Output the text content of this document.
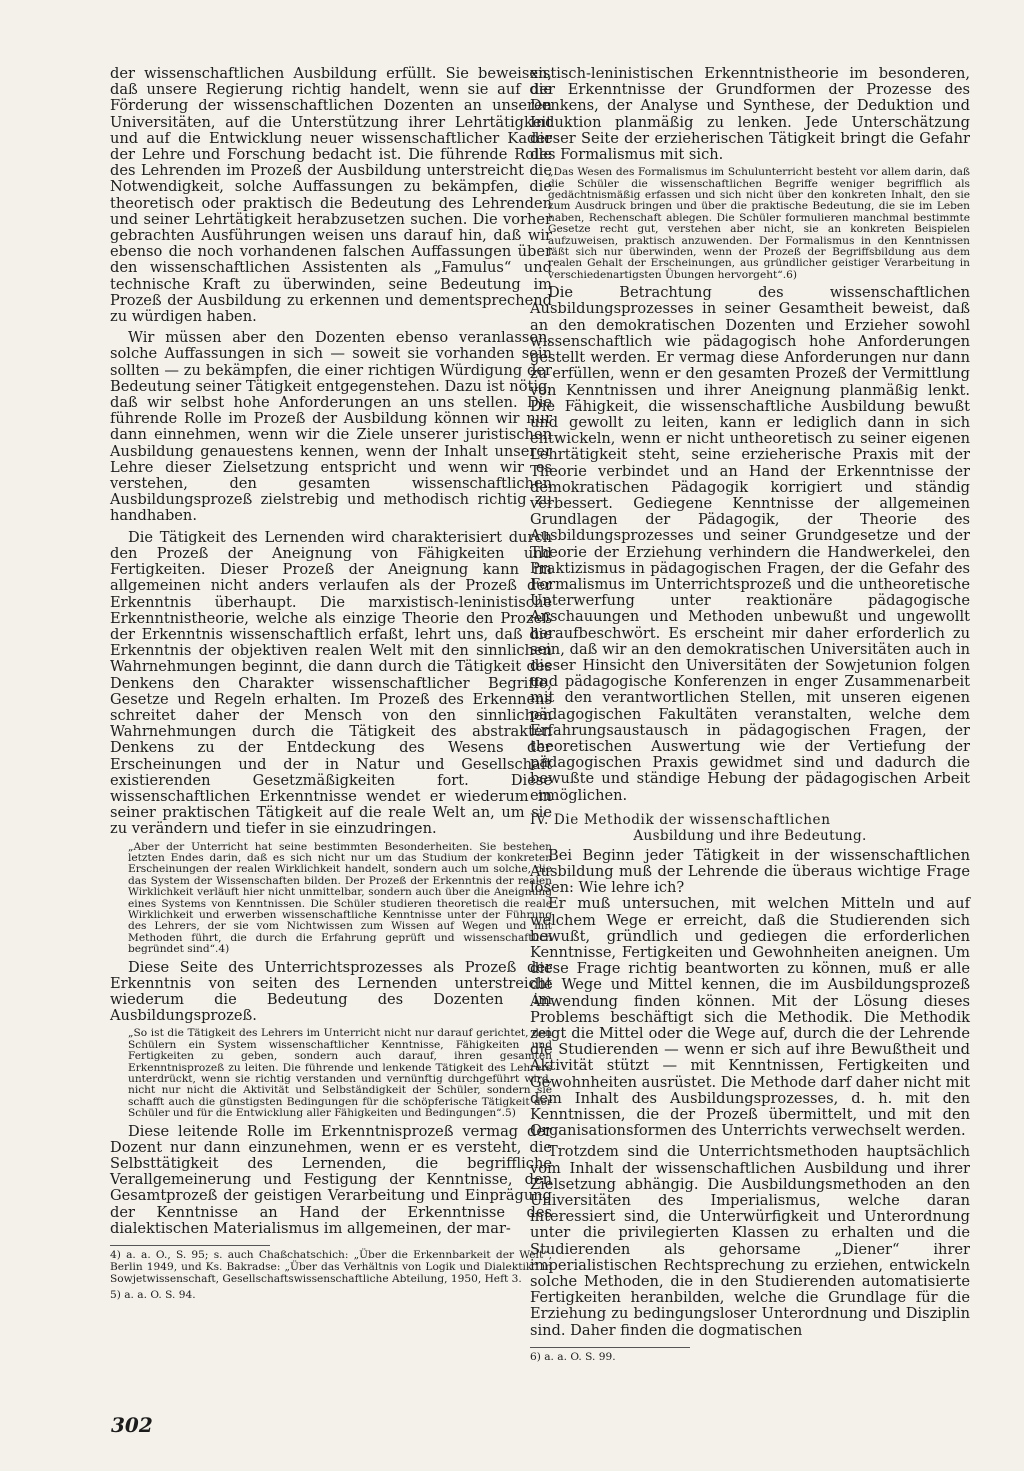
der wissenschaftlichen Ausbildung erfüllt. Sie beweisen, daß unsere Regierung richtig handelt, wenn sie auf die Förderung der wissenschaftlichen Dozenten an unseren Universitäten, auf die Unterstützung ihrer Lehrtätigkeit und auf die Entwicklung neuer wissenschaftlicher Kader der Lehre und Forschung bedacht ist. Die führende Rolle des Lehrenden im Prozeß der Ausbildung unterstreicht die Notwendigkeit, solche Auffassungen zu bekämpfen, die theoretisch oder praktisch die Bedeutung des Lehrenden und seiner Lehrtätigkeit herabzusetzen suchen. Die vorher gebrachten Ausführungen weisen uns darauf hin, daß wir ebenso die noch vorhandenen falschen Auffassungen über den wissenschaftlichen Assistenten als „Famulus“ und technische Kraft zu überwinden, seine Bedeutung im Prozeß der Ausbildung zu erkennen und dementsprechend zu würdigen haben.

Wir müssen aber den Dozenten ebenso veranlassen, solche Auffassungen in sich — soweit sie vorhanden sein sollten — zu bekämpfen, die einer richtigen Würdigung der Bedeutung seiner Tätigkeit entgegenstehen. Dazu ist nötig, daß wir selbst hohe Anforderungen an uns stellen. Die führende Rolle im Prozeß der Ausbildung können wir nur dann einnehmen, wenn wir die Ziele unserer juristischen Ausbildung genauestens kennen, wenn der Inhalt unserer Lehre dieser Zielsetzung entspricht und wenn wir es verstehen, den gesamten wissenschaftlichen Ausbildungsprozeß zielstrebig und methodisch richtig zu handhaben.

Die Tätigkeit des Lernenden wird charakterisiert durch den Prozeß der Aneignung von Fähigkeiten und Fertigkeiten. Dieser Prozeß der Aneignung kann im allgemeinen nicht anders verlaufen als der Prozeß der Erkenntnis überhaupt. Die marxistisch-leninistische Erkenntnistheorie, welche als einzige Theorie den Prozeß der Erkenntnis wissenschaftlich erfaßt, lehrt uns, daß die Erkenntnis der objektiven realen Welt mit den sinnlichen Wahrnehmungen beginnt, die dann durch die Tätigkeit des Denkens den Charakter wissenschaftlicher Begriffe, Gesetze und Regeln erhalten. Im Prozeß des Erkennens schreitet daher der Mensch von den sinnlichen Wahrnehmungen durch die Tätigkeit des abstrakten Denkens zu der Entdeckung des Wesens der Erscheinungen und der in Natur und Gesellschaft existierenden Gesetzmäßigkeiten fort. Diese wissenschaftlichen Erkenntnisse wendet er wiederum in seiner praktischen Tätigkeit auf die reale Welt an, um sie zu verändern und tiefer in sie einzudringen.

„Aber der Unterricht hat seine bestimmten Besonderheiten. Sie bestehen letzten Endes darin, daß es sich nicht nur um das Studium der konkreten Erscheinungen der realen Wirklichkeit handelt, sondern auch um solche, die das System der Wissenschaften bilden. Der Prozeß der Erkenntnis der realen Wirklichkeit verläuft hier nicht unmittelbar, sondern auch über die Aneignung eines Systems von Kenntnissen. Die Schüler studieren theoretisch die reale Wirklichkeit und erwerben wissenschaftliche Kenntnisse unter der Führung des Lehrers, der sie vom Nichtwissen zum Wissen auf Wegen und mit Methoden führt, die durch die Erfahrung geprüft und wissenschaftlich begründet sind“.4)

Diese Seite des Unterrichtsprozesses als Prozeß der Erkenntnis von seiten des Lernenden unterstreicht wiederum die Bedeutung des Dozenten im Ausbildungsprozeß.

„So ist die Tätigkeit des Lehrers im Unterricht nicht nur darauf gerichtet, den Schülern ein System wissenschaftlicher Kenntnisse, Fähigkeiten und Fertigkeiten zu geben, sondern auch darauf, ihren gesamten Erkenntnisprozeß zu leiten. Die führende und lenkende Tätigkeit des Lehrers unterdrückt, wenn sie richtig verstanden und vernünftig durchgeführt wird, nicht nur nicht die Aktivität und Selbständigkeit der Schüler, sondern sie schafft auch die günstigsten Bedingungen für die schöpferische Tätigkeit der Schüler und für die Entwicklung aller Fähigkeiten und Bedingungen“.5)

Diese leitende Rolle im Erkenntnisprozeß vermag der Dozent nur dann einzunehmen, wenn er es versteht, die Selbsttätigkeit des Lernenden, die begriffliche Verallgemeinerung und Festigung der Kenntnisse, den Gesamtprozeß der geistigen Verarbeitung und Einprägung der Kenntnisse an Hand der Erkenntnisse des dialektischen Materialismus im allgemeinen, der mar-

4) a. a. O., S. 95; s. auch Chaßchatschich: „Über die Erkennbarkeit der Welt“, Berlin 1949, und Ks. Bakradse: „Über das Verhältnis von Logik und Dialektik“ in Sowjetwissenschaft, Gesellschaftswissenschaftliche Abteilung, 1950, Heft 3.

5) a. a. O. S. 94.

xistisch-leninistischen Erkenntnistheorie im besonderen, der Erkenntnisse der Grundformen der Prozesse des Denkens, der Analyse und Synthese, der Deduktion und Induktion planmäßig zu lenken. Jede Unterschätzung dieser Seite der erzieherischen Tätigkeit bringt die Gefahr des Formalismus mit sich.

„Das Wesen des Formalismus im Schulunterricht besteht vor allem darin, daß die Schüler die wissenschaftlichen Begriffe weniger begrifflich als gedächtnismäßig erfassen und sich nicht über den konkreten Inhalt, den sie zum Ausdruck bringen und über die praktische Bedeutung, die sie im Leben haben, Rechenschaft ablegen. Die Schüler formulieren manchmal bestimmte Gesetze recht gut, verstehen aber nicht, sie an konkreten Beispielen aufzuweisen, praktisch anzuwenden. Der Formalismus in den Kenntnissen läßt sich nur überwinden, wenn der Prozeß der Begriffsbildung aus dem realen Gehalt der Erscheinungen, aus gründlicher geistiger Verarbeitung in verschiedenartigsten Übungen hervorgeht“.6)

Die Betrachtung des wissenschaftlichen Ausbildungsprozesses in seiner Gesamtheit beweist, daß an den demokratischen Dozenten und Erzieher sowohl wissenschaftlich wie pädagogisch hohe Anforderungen gestellt werden. Er vermag diese Anforderungen nur dann zu erfüllen, wenn er den gesamten Prozeß der Vermittlung von Kenntnissen und ihrer Aneignung planmäßig lenkt. Die Fähigkeit, die wissenschaftliche Ausbildung bewußt und gewollt zu leiten, kann er lediglich dann in sich entwickeln, wenn er nicht untheoretisch zu seiner eigenen Lehrtätigkeit steht, seine erzieherische Praxis mit der Theorie verbindet und an Hand der Erkenntnisse der demokratischen Pädagogik korrigiert und ständig verbessert. Gediegene Kenntnisse der allgemeinen Grundlagen der Pädagogik, der Theorie des Ausbildungsprozesses und seiner Grundgesetze und der Theorie der Erziehung verhindern die Handwerkelei, den Praktizismus in pädagogischen Fragen, der die Gefahr des Formalismus im Unterrichtsprozeß und die untheoretische Unterwerfung unter reaktionäre pädagogische Anschauungen und Methoden unbewußt und ungewollt heraufbeschwört. Es erscheint mir daher erforderlich zu sein, daß wir an den demokratischen Universitäten auch in dieser Hinsicht den Universitäten der Sowjetunion folgen und pädagogische Konferenzen in enger Zusammenarbeit mit den verantwortlichen Stellen, mit unseren eigenen pädagogischen Fakultäten veranstalten, welche dem Erfahrungsaustausch in pädagogischen Fragen, der theoretischen Auswertung wie der Vertiefung der pädagogischen Praxis gewidmet sind und dadurch die bewußte und ständige Hebung der pädagogischen Arbeit ermöglichen.

IV. Die Methodik der wissenschaftlichen
Ausbildung und ihre Bedeutung.

Bei Beginn jeder Tätigkeit in der wissenschaftlichen Ausbildung muß der Lehrende die überaus wichtige Frage lösen: Wie lehre ich?

Er muß untersuchen, mit welchen Mitteln und auf welchem Wege er erreicht, daß die Studierenden sich bewußt, gründlich und gediegen die erforderlichen Kenntnisse, Fertigkeiten und Gewohnheiten aneignen. Um diese Frage richtig beantworten zu können, muß er alle die Wege und Mittel kennen, die im Ausbildungsprozeß Anwendung finden können. Mit der Lösung dieses Problems beschäftigt sich die Methodik. Die Methodik zeigt die Mittel oder die Wege auf, durch die der Lehrende die Studierenden — wenn er sich auf ihre Bewußtheit und Aktivität stützt — mit Kenntnissen, Fertigkeiten und Gewohnheiten ausrüstet. Die Methode darf daher nicht mit dem Inhalt des Ausbildungsprozesses, d. h. mit den Kenntnissen, die der Prozeß übermittelt, und mit den Organisationsformen des Unterrichts verwechselt werden.

Trotzdem sind die Unterrichtsmethoden hauptsächlich vom Inhalt der wissenschaftlichen Ausbildung und ihrer Zielsetzung abhängig. Die Ausbildungsmethoden an den Universitäten des Imperialismus, welche daran interessiert sind, die Unterwürfigkeit und Unterordnung unter die privilegierten Klassen zu erhalten und die Studierenden als gehorsame „Diener“ ihrer imperialistischen Rechtsprechung zu erziehen, entwickeln solche Methoden, die in den Studierenden automatisierte Fertigkeiten heranbilden, welche die Grundlage für die Erziehung zu bedingungsloser Unterordnung und Disziplin sind. Daher finden die dogmatischen

6) a. a. O. S. 99.

302
